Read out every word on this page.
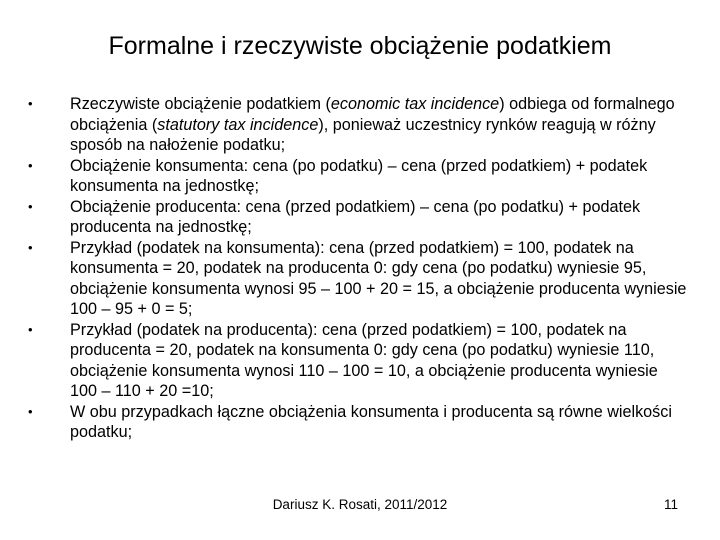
Formalne i rzeczywiste obciążenie podatkiem
• Rzeczywiste obciążenie podatkiem (economic tax incidence) odbiega od formalnego obciążenia (statutory tax incidence), ponieważ uczestnicy rynków reagują w różny sposób na nałożenie podatku;
• Obciążenie konsumenta: cena (po podatku) – cena (przed podatkiem) + podatek konsumenta na jednostkę;
• Obciążenie producenta: cena (przed podatkiem) – cena (po podatku) + podatek producenta na jednostkę;
• Przykład (podatek na konsumenta): cena (przed podatkiem) = 100, podatek na konsumenta = 20, podatek na producenta 0: gdy cena (po podatku) wyniesie 95, obciążenie konsumenta wynosi 95 – 100 + 20 = 15, a obciążenie producenta wyniesie 100 – 95 + 0 = 5;
• Przykład (podatek na producenta): cena (przed podatkiem) = 100, podatek na producenta = 20, podatek na konsumenta 0: gdy cena (po podatku) wyniesie 110, obciążenie konsumenta wynosi 110 – 100 = 10, a obciążenie producenta wyniesie 100 – 110 + 20 =10;
• W obu przypadkach łączne obciążenia konsumenta i producenta są równe wielkości podatku;
Dariusz K. Rosati, 2011/2012	11
